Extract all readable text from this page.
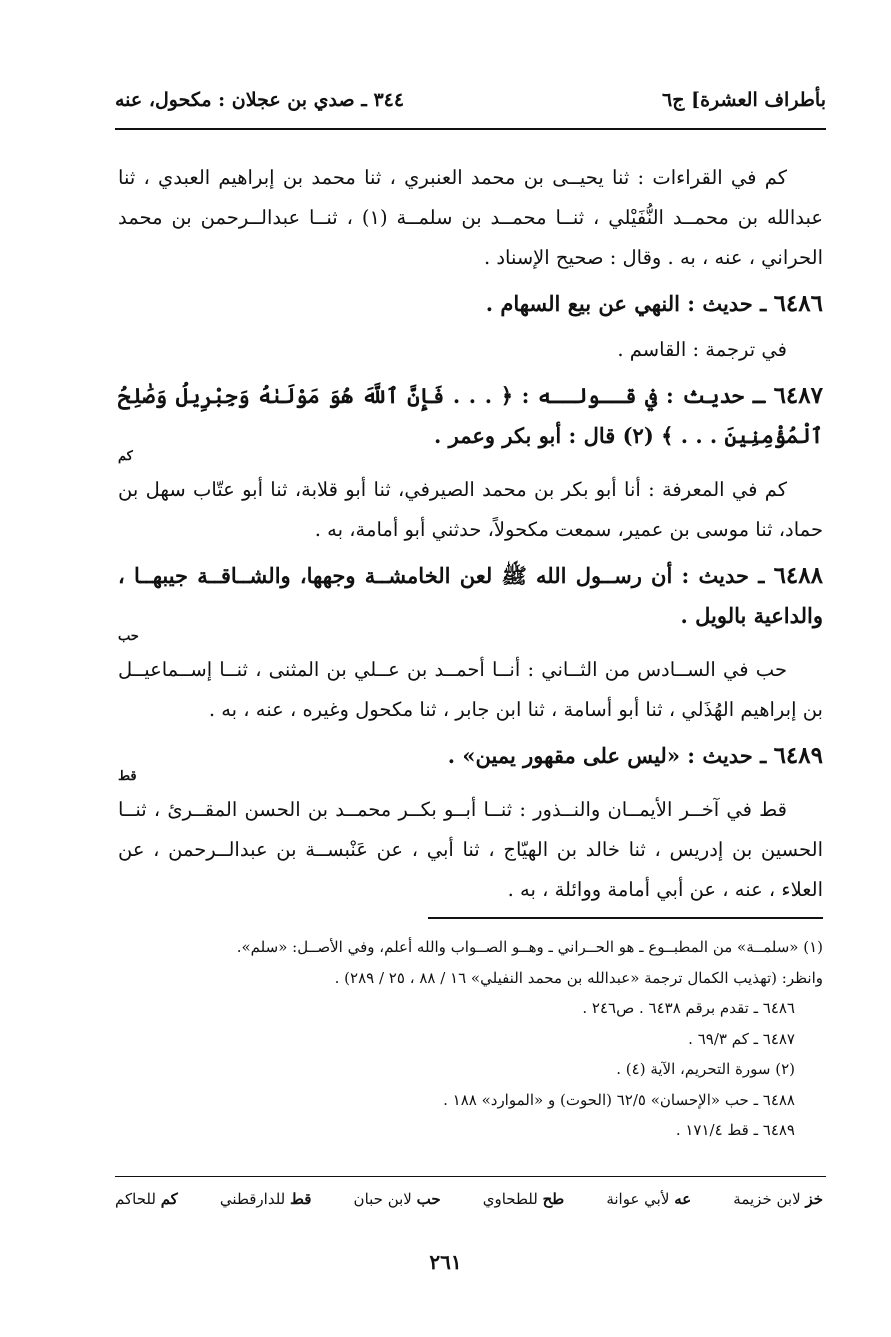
بأطراف العشرة] ج٦
٣٤٤ ـ صدي بن عجلان : مكحول، عنه

كم في القراءات : ثنا يحيــى بن محمد العنبري ، ثنا محمد بن إبراهيم العبدي ، ثنا عبدالله بن محمــد النُّفَيْلي ، ثنــا محمــد بن سلمــة (١) ، ثنــا عبدالــرحمن بن محمد الحراني ، عنه ، به . وقال : صحيح الإسناد .

٦٤٨٦ ـ حديث : النهي عن بيع السهام .

في ترجمة : القاسم .

٦٤٨٧ ـ حديث : في قــولــه : ﴿ . . . فَإِنَّ ٱللَّهَ هُوَ مَوْلَىٰهُ وَجِبْرِيلُ وَصَٰلِحُ ٱلْمُؤْمِنِينَ . . . ﴾ (٢) قال : أبو بكر وعمر .
كم

كم في المعرفة : أنا أبو بكر بن محمد الصيرفي، ثنا أبو قلابة، ثنا أبو عتّاب سهل بن حماد، ثنا موسى بن عمير، سمعت مكحولاً، حدثني أبو أمامة، به .

٦٤٨٨ ـ حديث : أن رســول الله ﷺ لعن الخامشــة وجهها، والشــاقــة جيبهــا ، والداعية بالويل .
حب

حب في الســادس من الثــاني : أنــا أحمــد بن عــلي بن المثنى ، ثنــا إســماعيــل بن إبراهيم الهُذَلي ، ثنا أبو أسامة ، ثنا ابن جابر ، ثنا مكحول وغيره ، عنه ، به .

٦٤٨٩ ـ حديث : «ليس على مقهور يمين» .
قط

قط في آخــر الأيمــان والنــذور : ثنــا أبــو بكــر محمــد بن الحسن المقــرئ ، ثنــا الحسين بن إدريس ، ثنا خالد بن الهيّاج ، ثنا أبي ، عن عَنْبســة بن عبدالــرحمن ، عن العلاء ، عنه ، عن أبي أمامة ووائلة ، به .

(١) «سلمــة» من المطبــوع ـ هو الحــراني ـ وهــو الصــواب والله أعلم، وفي الأصــل: «سلم».
وانظر: (تهذيب الكمال ترجمة «عبدالله بن محمد النفيلي» ١٦ / ٨٨ ، ٢٥ / ٢٨٩) .
٦٤٨٦ ـ تقدم برقم ٦٤٣٨ . ص٢٤٦ .
٦٤٨٧ ـ كم ٦٩/٣ .
(٢) سورة التحريم، الآية (٤) .
٦٤٨٨ ـ حب «الإحسان» ٦٢/٥ (الحوت) و «الموارد» ١٨٨ .
٦٤٨٩ ـ قط ١٧١/٤ .
خز لابن خزيمة
عه لأبي عوانة
طح للطحاوي
حب لابن حبان
قط للدارقطني
كم للحاكم
٢٦١
